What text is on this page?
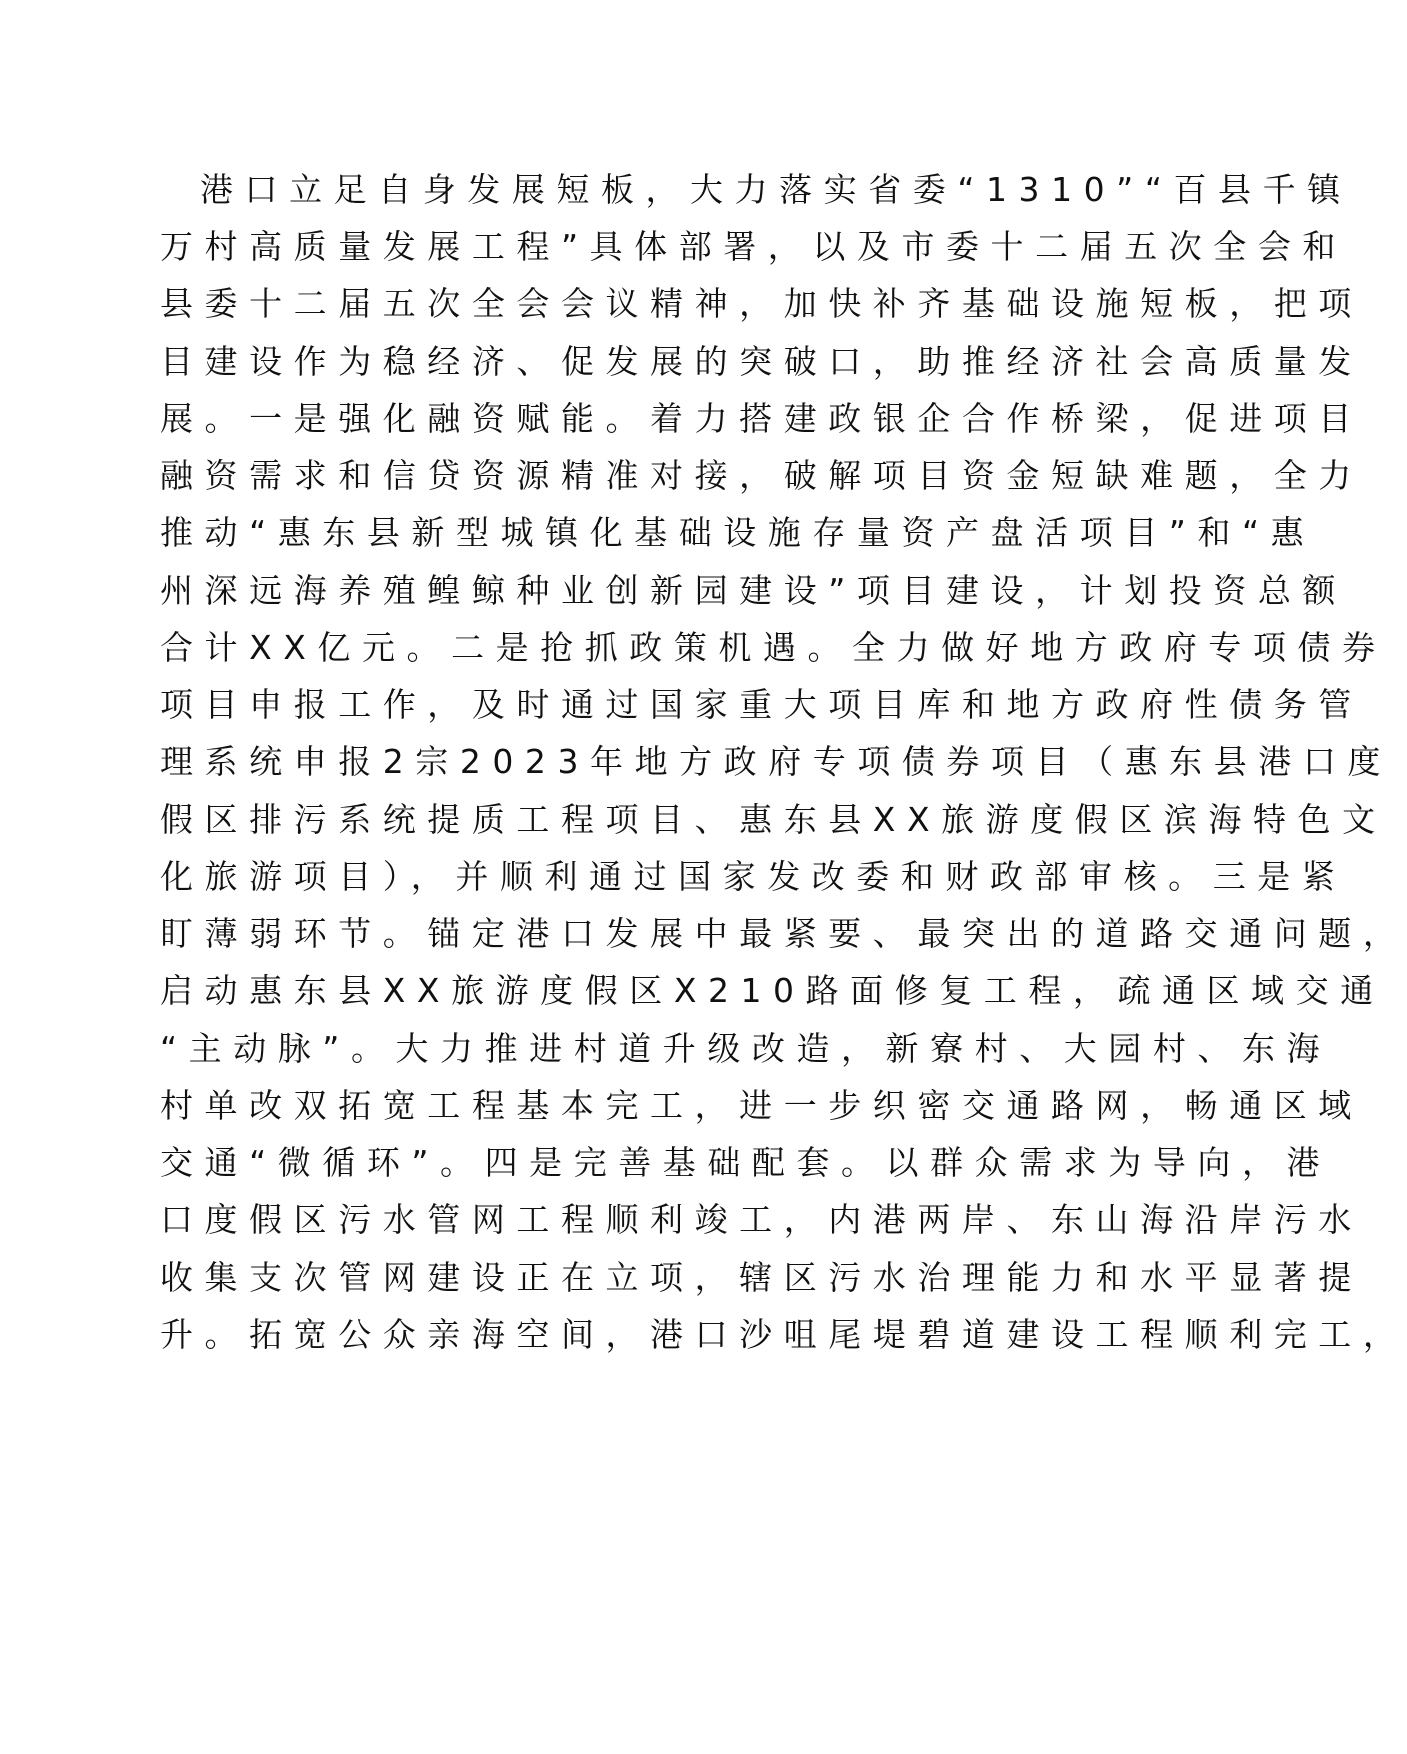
港口立足自身发展短板，大力落实省委“1310”“百县千镇
万村高质量发展工程”具体部署，以及市委十二届五次全会和
县委十二届五次全会会议精神，加快补齐基础设施短板，把项
目建设作为稳经济、促发展的突破口，助推经济社会高质量发
展。一是强化融资赋能。着力搭建政银企合作桥梁，促进项目
融资需求和信贷资源精准对接，破解项目资金短缺难题，全力
推动“惠东县新型城镇化基础设施存量资产盘活项目”和“惠
州深远海养殖鳇鲸种业创新园建设”项目建设，计划投资总额
合计XX亿元。二是抢抓政策机遇。全力做好地方政府专项债券
项目申报工作，及时通过国家重大项目库和地方政府性债务管
理系统申报2宗2023年地方政府专项债券项目（惠东县港口度
假区排污系统提质工程项目、惠东县XX旅游度假区滨海特色文
化旅游项目），并顺利通过国家发改委和财政部审核。三是紧
盯薄弱环节。锚定港口发展中最紧要、最突出的道路交通问题，
启动惠东县XX旅游度假区X210路面修复工程，疏通区域交通
“主动脉”。大力推进村道升级改造，新寮村、大园村、东海
村单改双拓宽工程基本完工，进一步织密交通路网，畅通区域
交通“微循环”。四是完善基础配套。以群众需求为导向，港
口度假区污水管网工程顺利竣工，内港两岸、东山海沿岸污水
收集支次管网建设正在立项，辖区污水治理能力和水平显著提
升。拓宽公众亲海空间，港口沙咀尾堤碧道建设工程顺利完工，
